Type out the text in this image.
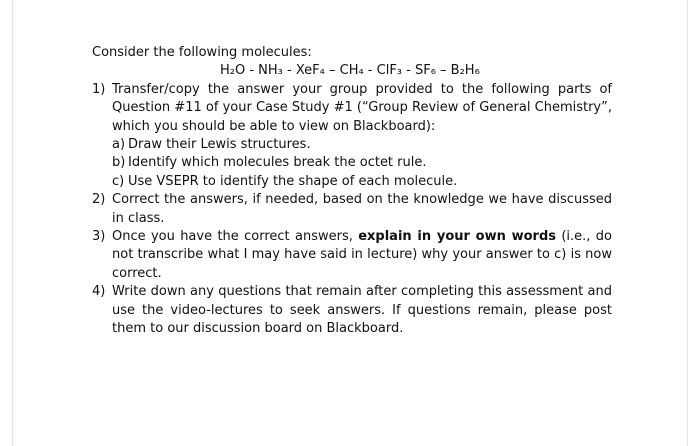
Consider the following molecules:

H₂O - NH₃ - XeF₄ – CH₄ - ClF₃ - SF₆ – B₂H₆

1) Transfer/copy the answer your group provided to the following parts of Question #11 of your Case Study #1 (“Group Review of General Chemistry”, which you should be able to view on Blackboard):
a) Draw their Lewis structures.
b) Identify which molecules break the octet rule.
c) Use VSEPR to identify the shape of each molecule.
2) Correct the answers, if needed, based on the knowledge we have discussed in class.
3) Once you have the correct answers, explain in your own words (i.e., do not transcribe what I may have said in lecture) why your answer to c) is now correct.
4) Write down any questions that remain after completing this assessment and use the video-lectures to seek answers. If questions remain, please post them to our discussion board on Blackboard.
